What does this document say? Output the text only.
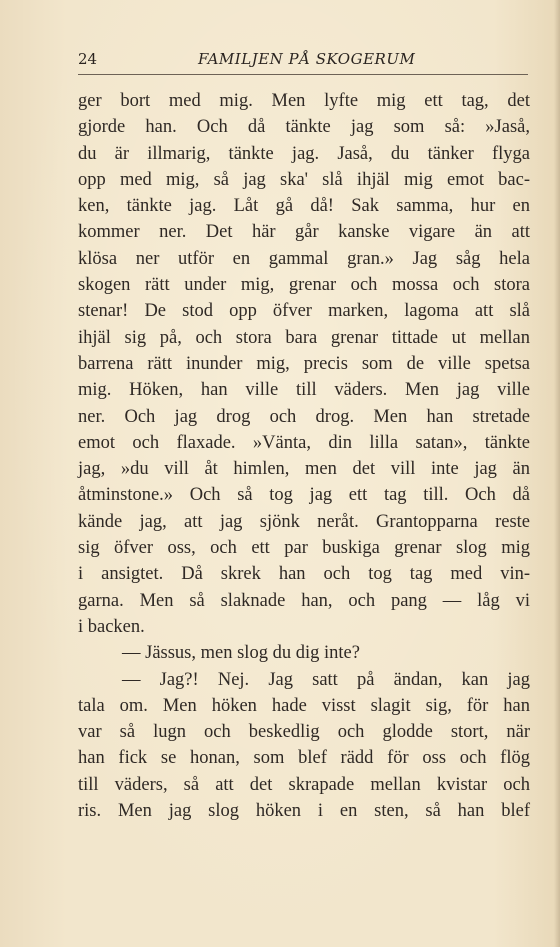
24	FAMILJEN PÅ SKOGERUM
ger bort med mig. Men lyfte mig ett tag, det
gjorde han. Och då tänkte jag som så: »Jaså,
du är illmarig, tänkte jag. Jaså, du tänker flyga
opp med mig, så jag ska' slå ihjäl mig emot bac-
ken, tänkte jag. Låt gå då! Sak samma, hur en
kommer ner. Det här går kanske vigare än att
klösa ner utför en gammal gran.» Jag såg hela
skogen rätt under mig, grenar och mossa och stora
stenar! De stod opp öfver marken, lagoma att slå
ihjäl sig på, och stora bara grenar tittade ut mellan
barrena rätt inunder mig, precis som de ville spetsa
mig. Höken, han ville till väders. Men jag ville
ner. Och jag drog och drog. Men han stretade
emot och flaxade. »Vänta, din lilla satan», tänkte
jag, »du vill åt himlen, men det vill inte jag än
åtminstone.» Och så tog jag ett tag till. Och då
kände jag, att jag sjönk neråt. Grantopparna reste
sig öfver oss, och ett par buskiga grenar slog mig
i ansigtet. Då skrek han och tog tag med vin-
garna. Men så slaknade han, och pang — låg vi
i backen.
— Jässus, men slog du dig inte?
— Jag?! Nej. Jag satt på ändan, kan jag
tala om. Men höken hade visst slagit sig, för han
var så lugn och beskedlig och glodde stort, när
han fick se honan, som blef rädd för oss och flög
till väders, så att det skrapade mellan kvistar och
ris. Men jag slog höken i en sten, så han blef
